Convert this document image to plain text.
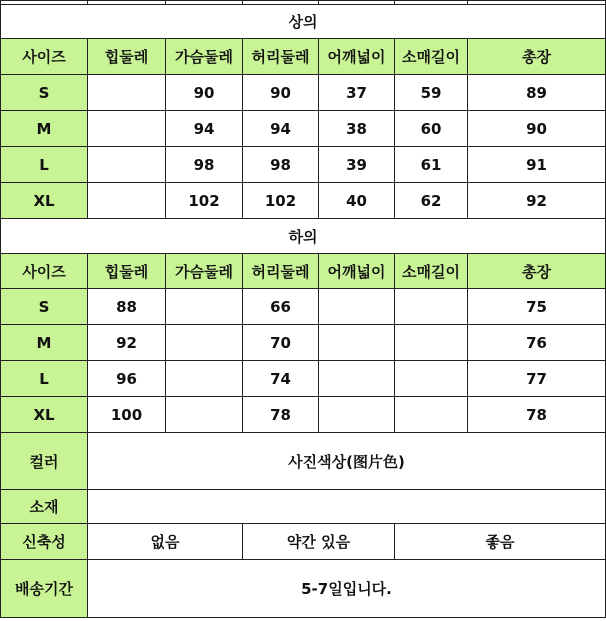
상의						
사이즈	힙둘레	가슴둘레	허리둘레	어깨넓이	소매길이	총장
S		90	90	37	59	89
M		94	94	38	60	90
L		98	98	39	61	91
XL		102	102	40	62	92
하의						
사이즈	힙둘레	가슴둘레	허리둘레	어깨넓이	소매길이	총장
S	88		66			75
M	92		70			76
L	96		74			77
XL	100		78			78
컬러	사진색상(图片色)					
소재						
신축성	없음		약간 있음		좋음	
배송기간	5-7일입니다.					
